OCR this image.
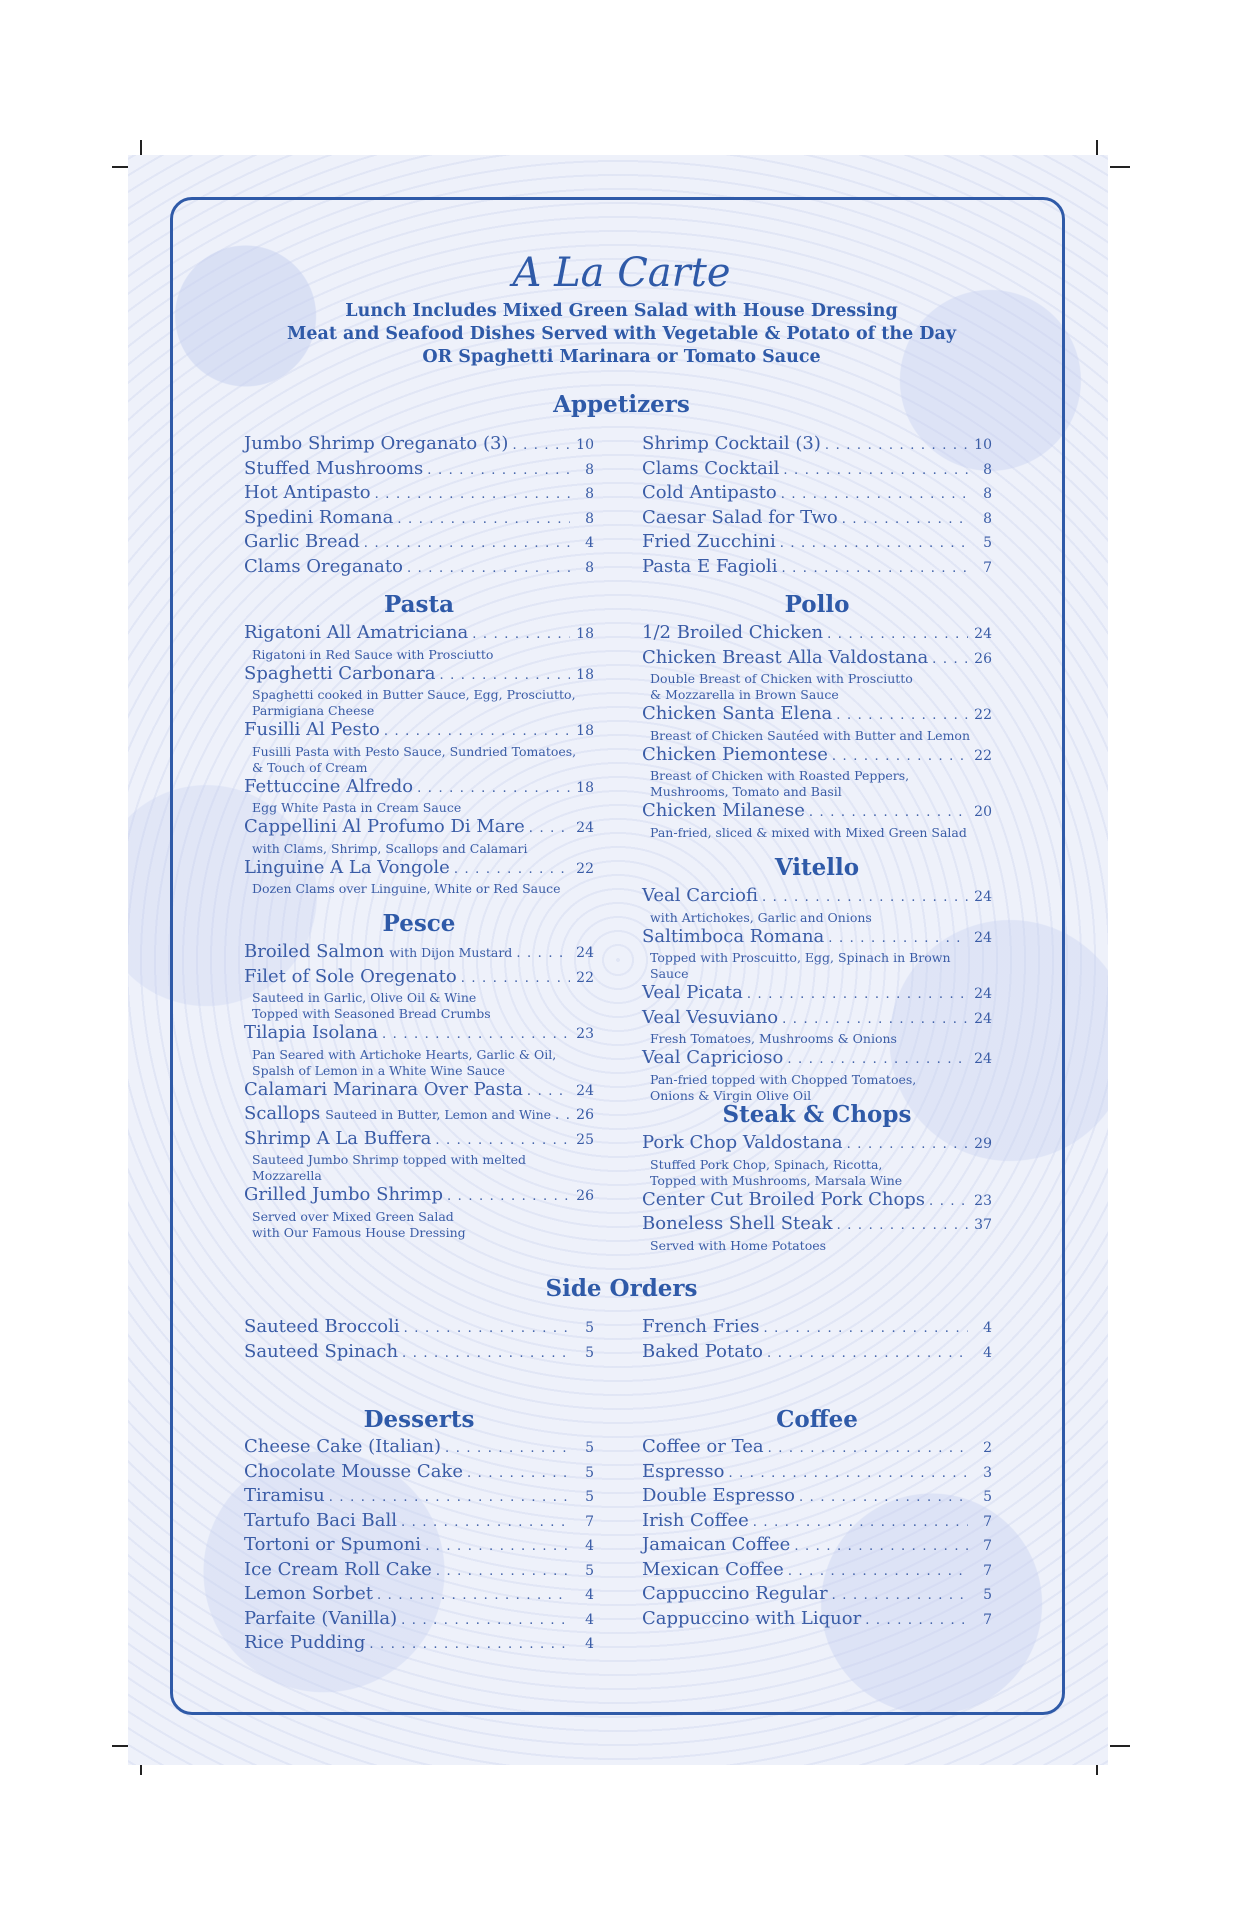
A La Carte
Lunch Includes Mixed Green Salad with House Dressing
Meat and Seafood Dishes Served with Vegetable & Potato of the Day
OR Spaghetti Marinara or Tomato Sauce
Appetizers
Jumbo Shrimp Oreganato (3) . . .	10
Stuffed Mushrooms . . .	8
Hot Antipasto . . .	8
Spedini Romana . . .	8
Garlic Bread . . .	4
Clams Oreganato . . .	8
Shrimp Cocktail (3) . . .	10
Clams Cocktail . . .	8
Cold Antipasto . . .	8
Caesar Salad for Two . . .	8
Fried Zucchini . . .	5
Pasta E Fagioli . . .	7
Pasta
Rigatoni All Amatriciana . . .	18
Rigatoni in Red Sauce with Prosciutto
Spaghetti Carbonara . . .	18
Spaghetti cooked in Butter Sauce, Egg, Prosciutto,
Parmigiana Cheese
Fusilli Al Pesto . . .	18
Fusilli Pasta with Pesto Sauce, Sundried Tomatoes,
& Touch of Cream
Fettuccine Alfredo . . .	18
Egg White Pasta in Cream Sauce
Cappellini Al Profumo Di Mare . . .	24
with Clams, Shrimp, Scallops and Calamari
Linguine A La Vongole . . .	22
Dozen Clams over Linguine, White or Red Sauce
Pollo
1/2 Broiled Chicken . . .	24
Chicken Breast Alla Valdostana . . .	26
Double Breast of Chicken with Prosciutto
& Mozzarella in Brown Sauce
Chicken Santa Elena . . .	22
Breast of Chicken Sautéed with Butter and Lemon
Chicken Piemontese . . .	22
Breast of Chicken with Roasted Peppers,
Mushrooms, Tomato and Basil
Chicken Milanese . . .	20
Pan-fried, sliced & mixed with Mixed Green Salad
Pesce
Broiled Salmon with Dijon Mustard . . .	24
Filet of Sole Oregenato . . .	22
Sauteed in Garlic, Olive Oil & Wine
Topped with Seasoned Bread Crumbs
Tilapia Isolana . . .	23
Pan Seared with Artichoke Hearts, Garlic & Oil,
Spalsh of Lemon in a White Wine Sauce
Calamari Marinara Over Pasta . . .	24
Scallops Sauteed in Butter, Lemon and Wine . . . 26
Shrimp A La Buffera . . .	25
Sauteed Jumbo Shrimp topped with melted Mozzarella
Grilled Jumbo Shrimp . . .	26
Served over Mixed Green Salad
with Our Famous House Dressing
Vitello
Veal Carciofi . . .	24
with Artichokes, Garlic and Onions
Saltimboca Romana . . .	24
Topped with Proscuitto, Egg, Spinach in Brown Sauce
Veal Picata . . .	24
Veal Vesuviano . . .	24
Fresh Tomatoes, Mushrooms & Onions
Veal Capricioso . . .	24
Pan-fried topped with Chopped Tomatoes,
Onions & Virgin Olive Oil
Steak & Chops
Pork Chop Valdostana . . .	29
Stuffed Pork Chop, Spinach, Ricotta,
Topped with Mushrooms, Marsala Wine
Center Cut Broiled Pork Chops . . .	23
Boneless Shell Steak . . .	37
Served with Home Potatoes
Side Orders
Sauteed Broccoli . . .	5
Sauteed Spinach . . .	5
French Fries . . .	4
Baked Potato . . .	4
Desserts
Cheese Cake (Italian) . . .	5
Chocolate Mousse Cake . . .	5
Tiramisu . . .	5
Tartufo Baci Ball . . .	7
Tortoni or Spumoni . . .	4
Ice Cream Roll Cake . . .	5
Lemon Sorbet . . .	4
Parfaite (Vanilla) . . .	4
Rice Pudding . . .	4
Coffee
Coffee or Tea . . .	2
Espresso . . .	3
Double Espresso . . .	5
Irish Coffee . . .	7
Jamaican Coffee . . .	7
Mexican Coffee . . .	7
Cappuccino Regular . . .	5
Cappuccino with Liquor . . .	7
